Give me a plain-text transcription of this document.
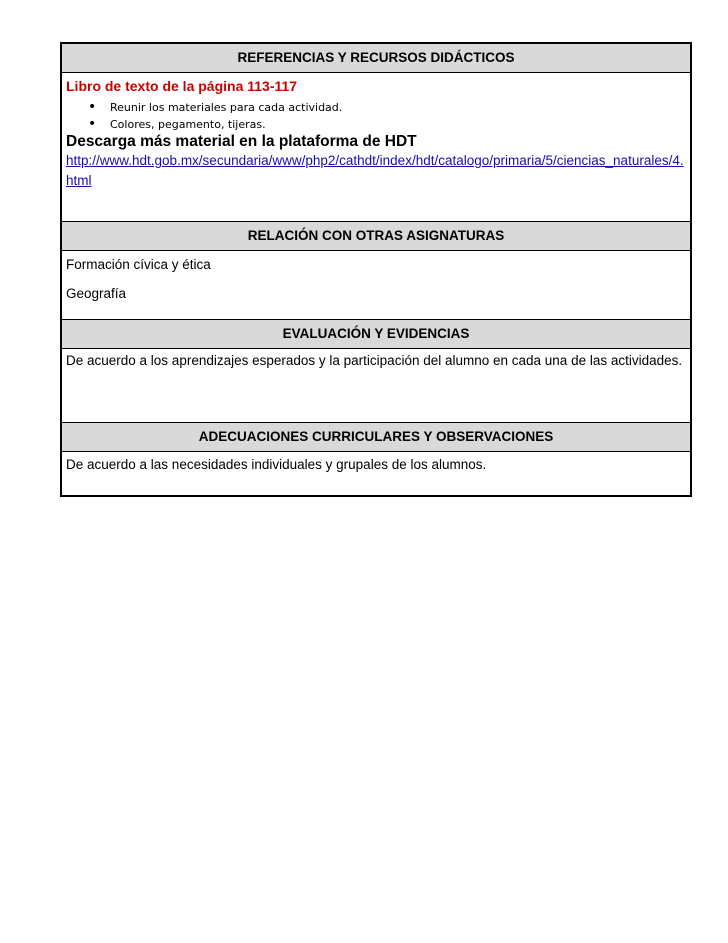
REFERENCIAS Y RECURSOS DIDÁCTICOS
Libro de texto de la página 113-117
• Reunir los materiales para cada actividad.
• Colores, pegamento, tijeras.
Descarga más material en la plataforma de HDT
http://www.hdt.gob.mx/secundaria/www/php2/cathdt/index/hdt/catalogo/primaria/5/ciencias_naturales/4.html
RELACIÓN CON OTRAS ASIGNATURAS
Formación cívica y ética
Geografía
EVALUACIÓN Y EVIDENCIAS
De acuerdo a los aprendizajes esperados y la participación del alumno en cada una de las actividades.
ADECUACIONES CURRICULARES Y OBSERVACIONES
De acuerdo a las necesidades individuales y grupales de los alumnos.
